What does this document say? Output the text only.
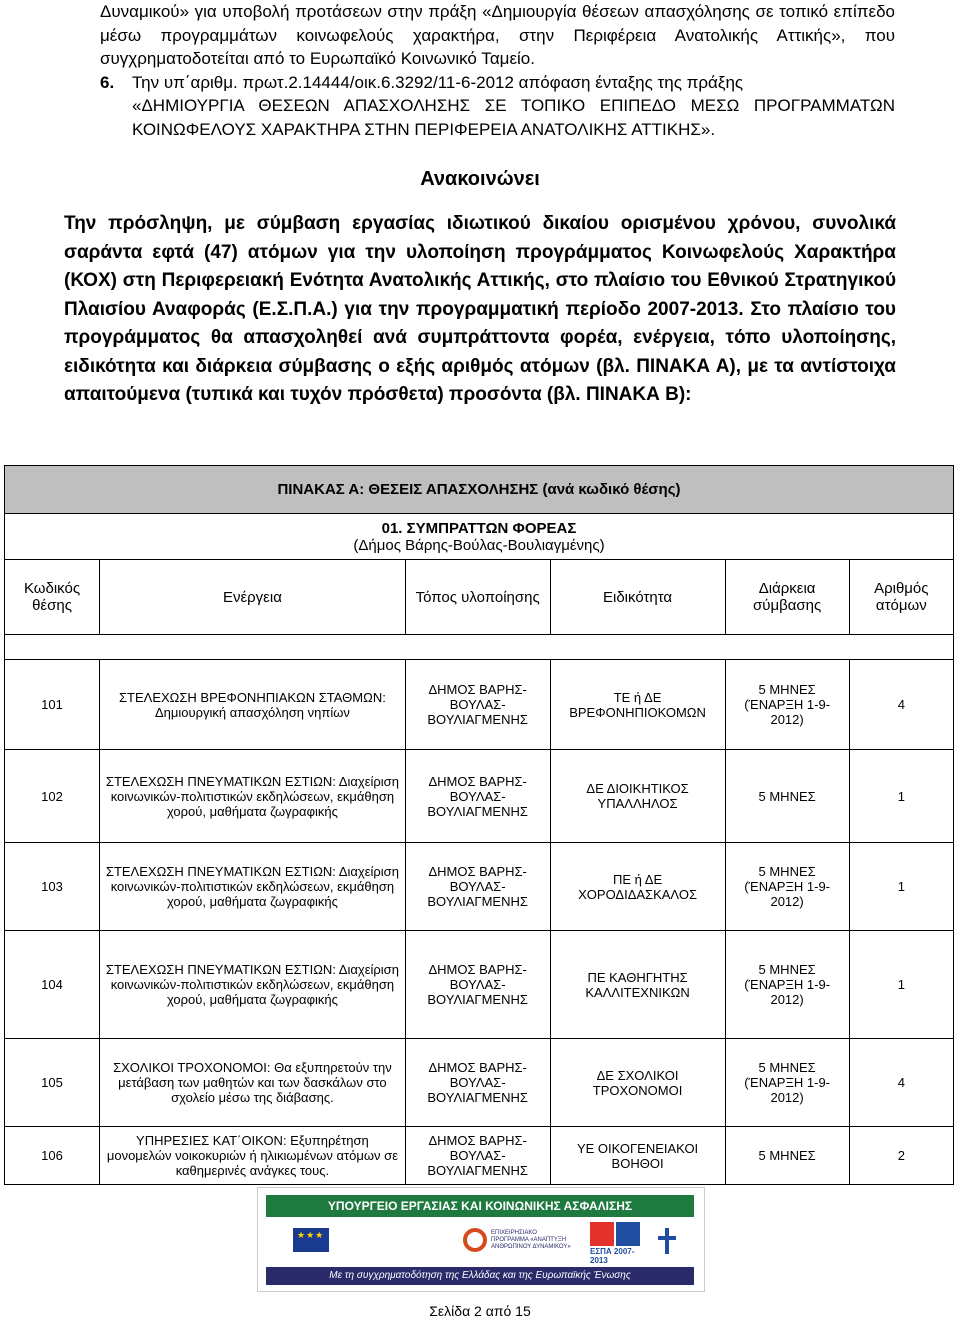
Δυναμικού» για υποβολή προτάσεων στην πράξη «Δημιουργία θέσεων απασχόλησης σε τοπικό επίπεδο μέσω προγραμμάτων κοινωφελούς χαρακτήρα, στην Περιφέρεια Ανατολικής Αττικής», που συγχρηματοδοτείται από το Ευρωπαϊκό Κοινωνικό Ταμείο.

6.	Την υπ΄αριθμ. πρωτ.2.14444/οικ.6.3292/11-6-2012 απόφαση ένταξης της πράξης
«ΔΗΜΙΟΥΡΓΙΑ ΘΕΣΕΩΝ ΑΠΑΣΧΟΛΗΣΗΣ ΣΕ ΤΟΠΙΚΟ ΕΠΙΠΕΔΟ ΜΕΣΩ ΠΡΟΓΡΑΜΜΑΤΩΝ ΚΟΙΝΩΦΕΛΟΥΣ ΧΑΡΑΚΤΗΡΑ ΣΤΗΝ ΠΕΡΙΦΕΡΕΙΑ ΑΝΑΤΟΛΙΚΗΣ ΑΤΤΙΚΗΣ».
Ανακοινώνει
Την πρόσληψη, με σύμβαση εργασίας ιδιωτικού δικαίου ορισμένου χρόνου, συνολικά σαράντα εφτά (47) ατόμων για την υλοποίηση προγράμματος Κοινωφελούς Χαρακτήρα (ΚΟΧ) στη Περιφερειακή Ενότητα Ανατολικής Αττικής, στο πλαίσιο του Εθνικού Στρατηγικού Πλαισίου Αναφοράς (Ε.Σ.Π.Α.) για την προγραμματική περίοδο 2007-2013. Στο πλαίσιο του προγράμματος θα απασχοληθεί ανά συμπράττοντα φορέα, ενέργεια, τόπο υλοποίησης, ειδικότητα και διάρκεια σύμβασης ο εξής αριθμός ατόμων (βλ. ΠΙΝΑΚΑ Α), με τα αντίστοιχα απαιτούμενα (τυπικά και τυχόν πρόσθετα) προσόντα (βλ. ΠΙΝΑΚΑ Β):
ΠΙΝΑΚΑΣ Α: ΘΕΣΕΙΣ ΑΠΑΣΧΟΛΗΣΗΣ (ανά κωδικό θέσης)					

01. ΣΥΜΠΡΑΤΤΩΝ ΦΟΡΕΑΣ
(Δήμος Βάρης-Βούλας-Βουλιαγμένης)					

Κωδικός θέσης	Ενέργεια	Τόπος υλοποίησης	Ειδικότητα	Διάρκεια σύμβασης	Αριθμός ατόμων

101	ΣΤΕΛΕΧΩΣΗ ΒΡΕΦΟΝΗΠΙΑΚΩΝ ΣΤΑΘΜΩΝ: Δημιουργική απασχόληση νηπίων	ΔΗΜΟΣ ΒΑΡΗΣ-ΒΟΥΛΑΣ-ΒΟΥΛΙΑΓΜΕΝΗΣ	ΤΕ ή ΔΕ ΒΡΕΦΟΝΗΠΙΟΚΟΜΩΝ	5 ΜΗΝΕΣ (ΈΝΑΡΞΗ 1-9-2012)	4
102	ΣΤΕΛΕΧΩΣΗ ΠΝΕΥΜΑΤΙΚΩΝ ΕΣΤΙΩΝ: Διαχείριση κοινωνικών-πολιτιστικών εκδηλώσεων, εκμάθηση χορού, μαθήματα ζωγραφικής	ΔΗΜΟΣ ΒΑΡΗΣ-ΒΟΥΛΑΣ-ΒΟΥΛΙΑΓΜΕΝΗΣ	ΔΕ ΔΙΟΙΚΗΤΙΚΟΣ ΥΠΑΛΛΗΛΟΣ	5 ΜΗΝΕΣ	1
103	ΣΤΕΛΕΧΩΣΗ ΠΝΕΥΜΑΤΙΚΩΝ ΕΣΤΙΩΝ: Διαχείριση κοινωνικών-πολιτιστικών εκδηλώσεων, εκμάθηση χορού, μαθήματα ζωγραφικής	ΔΗΜΟΣ ΒΑΡΗΣ-ΒΟΥΛΑΣ-ΒΟΥΛΙΑΓΜΕΝΗΣ	ΠΕ ή ΔΕ ΧΟΡΟΔΙΔΑΣΚΑΛΟΣ	5 ΜΗΝΕΣ (ΈΝΑΡΞΗ 1-9-2012)	1
104	ΣΤΕΛΕΧΩΣΗ ΠΝΕΥΜΑΤΙΚΩΝ ΕΣΤΙΩΝ: Διαχείριση κοινωνικών-πολιτιστικών εκδηλώσεων, εκμάθηση χορού, μαθήματα ζωγραφικής	ΔΗΜΟΣ ΒΑΡΗΣ-ΒΟΥΛΑΣ-ΒΟΥΛΙΑΓΜΕΝΗΣ	ΠΕ ΚΑΘΗΓΗΤΗΣ ΚΑΛΛΙΤΕΧΝΙΚΩΝ	5 ΜΗΝΕΣ (ΈΝΑΡΞΗ 1-9-2012)	1
105	ΣΧΟΛΙΚΟΙ ΤΡΟΧΟΝΟΜΟΙ: Θα εξυπηρετούν την μετάβαση των μαθητών και των δασκάλων στο σχολείο μέσω της διάβασης.	ΔΗΜΟΣ ΒΑΡΗΣ-ΒΟΥΛΑΣ-ΒΟΥΛΙΑΓΜΕΝΗΣ	ΔΕ ΣΧΟΛΙΚΟΙ ΤΡΟΧΟΝΟΜΟΙ	5 ΜΗΝΕΣ (ΈΝΑΡΞΗ 1-9-2012)	4
106	ΥΠΗΡΕΣΙΕΣ ΚΑΤ΄ΟΙΚΟΝ: Εξυπηρέτηση μονομελών νοικοκυριών ή ηλικιωμένων ατόμων σε καθημερινές ανάγκες τους.	ΔΗΜΟΣ ΒΑΡΗΣ-ΒΟΥΛΑΣ-ΒΟΥΛΙΑΓΜΕΝΗΣ	ΥΕ ΟΙΚΟΓΕΝΕΙΑΚΟΙ ΒΟΗΘΟΙ	5 ΜΗΝΕΣ	2
ΥΠΟΥΡΓΕΙΟ ΕΡΓΑΣΙΑΣ ΚΑΙ ΚΟΙΝΩΝΙΚΗΣ ΑΣΦΑΛΙΣΗΣ
★★★	ΕΠΙΧΕΙΡΗΣΙΑΚΟ ΠΡΟΓΡΑΜΜΑ «ΑΝΑΠΤΥΞΗ ΑΝΘΡΩΠΙΝΟΥ ΔΥΝΑΜΙΚΟΥ» ΕΣΠΑ 2007-2013
Με τη συγχρηματοδότηση της Ελλάδας και της Ευρωπαϊκής Ένωσης
Σελίδα 2 από 15
